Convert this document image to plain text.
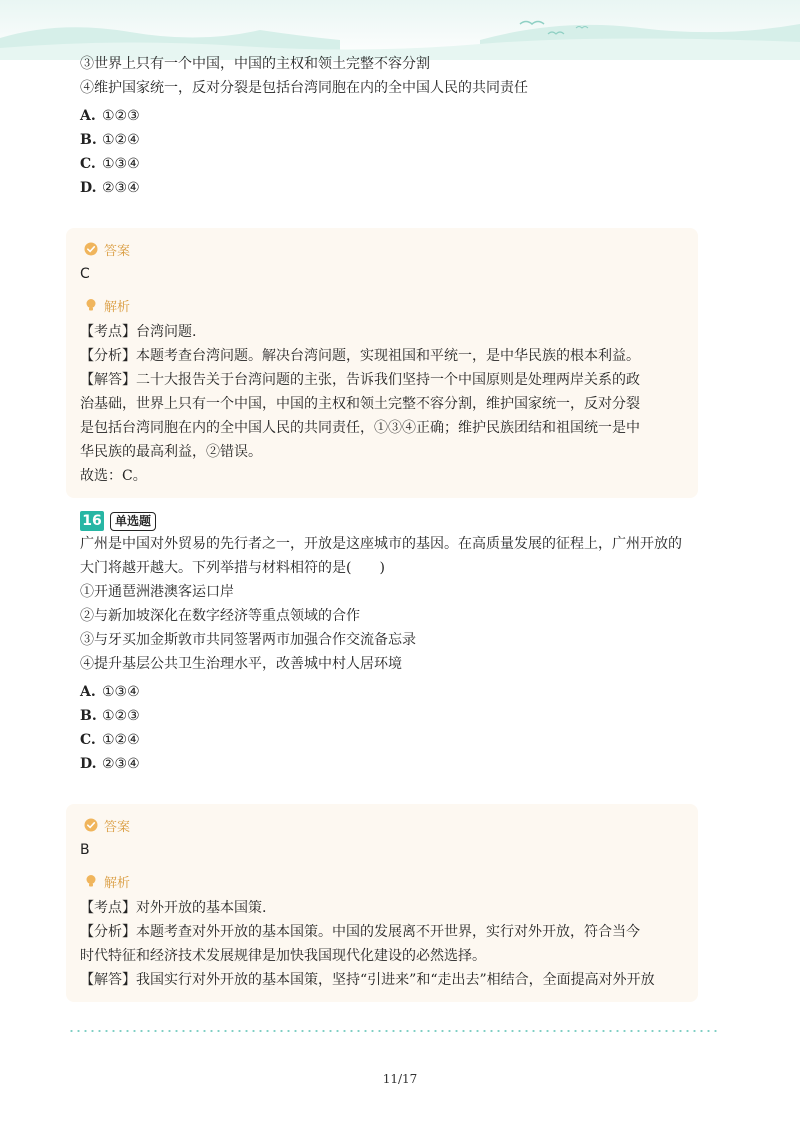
③世界上只有一个中国，中国的主权和领土完整不容分割
④维护国家统一，反对分裂是包括台湾同胞在内的全中国人民的共同责任
A. ①②③
B. ①②④
C. ①③④
D. ②③④
答案
C
解析
【考点】台湾问题.
【分析】本题考查台湾问题。解决台湾问题，实现祖国和平统一，是中华民族的根本利益。
【解答】二十大报告关于台湾问题的主张，告诉我们坚持一个中国原则是处理两岸关系的政
治基础，世界上只有一个中国，中国的主权和领土完整不容分割，维护国家统一，反对分裂
是包括台湾同胞在内的全中国人民的共同责任，①③④正确；维护民族团结和祖国统一是中
华民族的最高利益，②错误。
故选：C。
16	单选题
广州是中国对外贸易的先行者之一，开放是这座城市的基因。在高质量发展的征程上，广州开放的
大门将越开越大。下列举措与材料相符的是(　　)
①开通琶洲港澳客运口岸
②与新加坡深化在数字经济等重点领域的合作
③与牙买加金斯敦市共同签署两市加强合作交流备忘录
④提升基层公共卫生治理水平，改善城中村人居环境
A. ①③④
B. ①②③
C. ①②④
D. ②③④
答案
B
解析
【考点】对外开放的基本国策.
【分析】本题考查对外开放的基本国策。中国的发展离不开世界，实行对外开放，符合当今
时代特征和经济技术发展规律是加快我国现代化建设的必然选择。
【解答】我国实行对外开放的基本国策，坚持“引进来”和“走出去”相结合，全面提高对外开放
11/17
